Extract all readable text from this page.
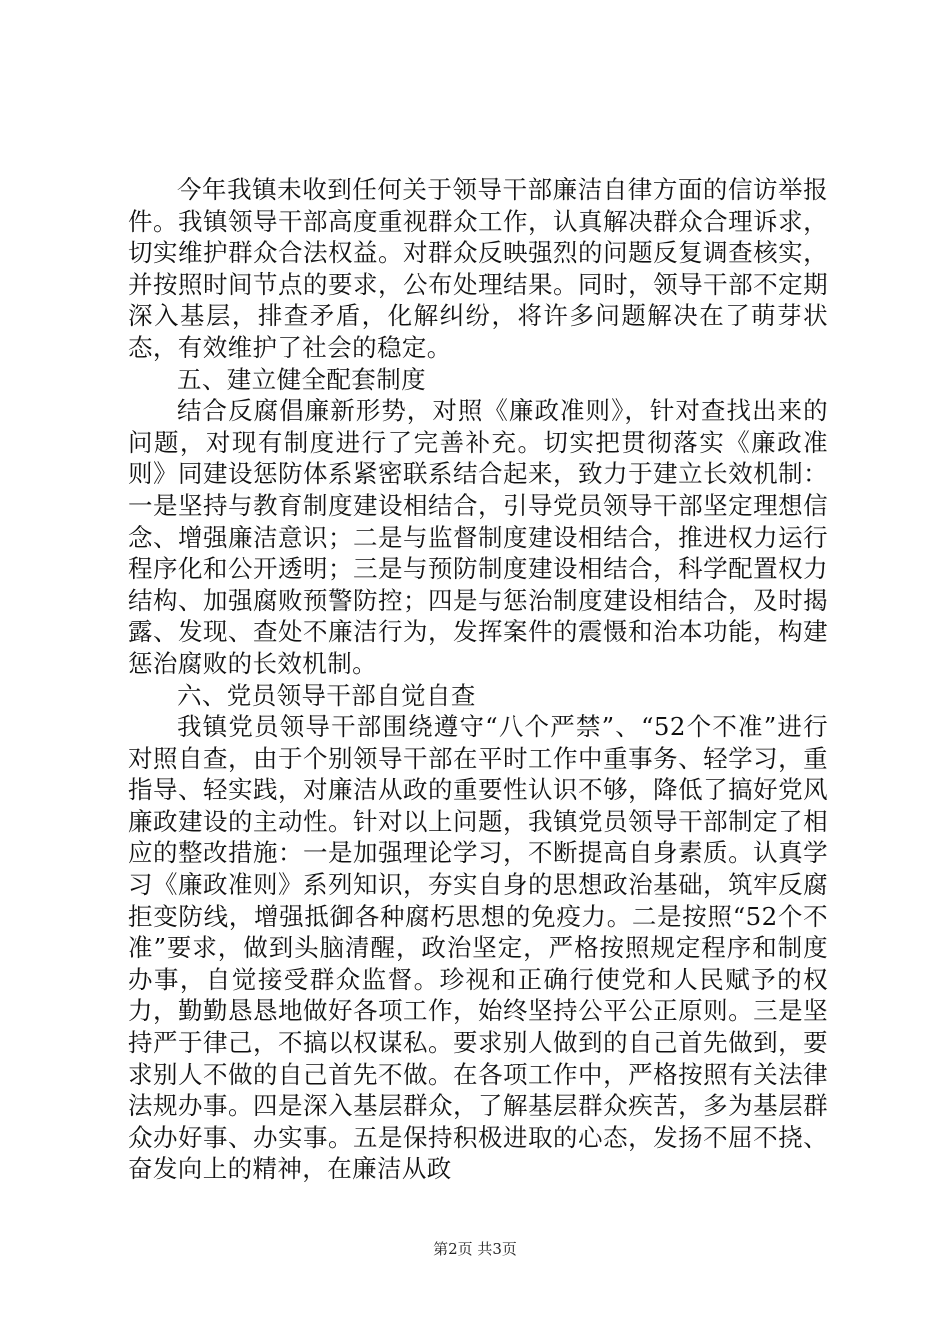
今年我镇未收到任何关于领导干部廉洁自律方面的信访举报件。我镇领导干部高度重视群众工作，认真解决群众合理诉求，切实维护群众合法权益。对群众反映强烈的问题反复调查核实，并按照时间节点的要求，公布处理结果。同时，领导干部不定期深入基层，排查矛盾，化解纠纷，将许多问题解决在了萌芽状态，有效维护了社会的稳定。

五、建立健全配套制度

结合反腐倡廉新形势，对照《廉政准则》，针对查找出来的问题，对现有制度进行了完善补充。切实把贯彻落实《廉政准则》同建设惩防体系紧密联系结合起来，致力于建立长效机制：一是坚持与教育制度建设相结合，引导党员领导干部坚定理想信念、增强廉洁意识；二是与监督制度建设相结合，推进权力运行程序化和公开透明；三是与预防制度建设相结合，科学配置权力结构、加强腐败预警防控；四是与惩治制度建设相结合，及时揭露、发现、查处不廉洁行为，发挥案件的震慑和治本功能，构建惩治腐败的长效机制。

六、党员领导干部自觉自查

我镇党员领导干部围绕遵守“八个严禁”、“52个不准”进行对照自查，由于个别领导干部在平时工作中重事务、轻学习，重指导、轻实践，对廉洁从政的重要性认识不够，降低了搞好党风廉政建设的主动性。针对以上问题，我镇党员领导干部制定了相应的整改措施：一是加强理论学习，不断提高自身素质。认真学习《廉政准则》系列知识，夯实自身的思想政治基础，筑牢反腐拒变防线，增强抵御各种腐朽思想的免疫力。二是按照“52个不准”要求，做到头脑清醒，政治坚定，严格按照规定程序和制度办事，自觉接受群众监督。珍视和正确行使党和人民赋予的权力，勤勤恳恳地做好各项工作，始终坚持公平公正原则。三是坚持严于律己，不搞以权谋私。要求别人做到的自己首先做到，要求别人不做的自己首先不做。在各项工作中，严格按照有关法律法规办事。四是深入基层群众，了解基层群众疾苦，多为基层群众办好事、办实事。五是保持积极进取的心态，发扬不屈不挠、奋发向上的精神，在廉洁从政

第2页 共3页
